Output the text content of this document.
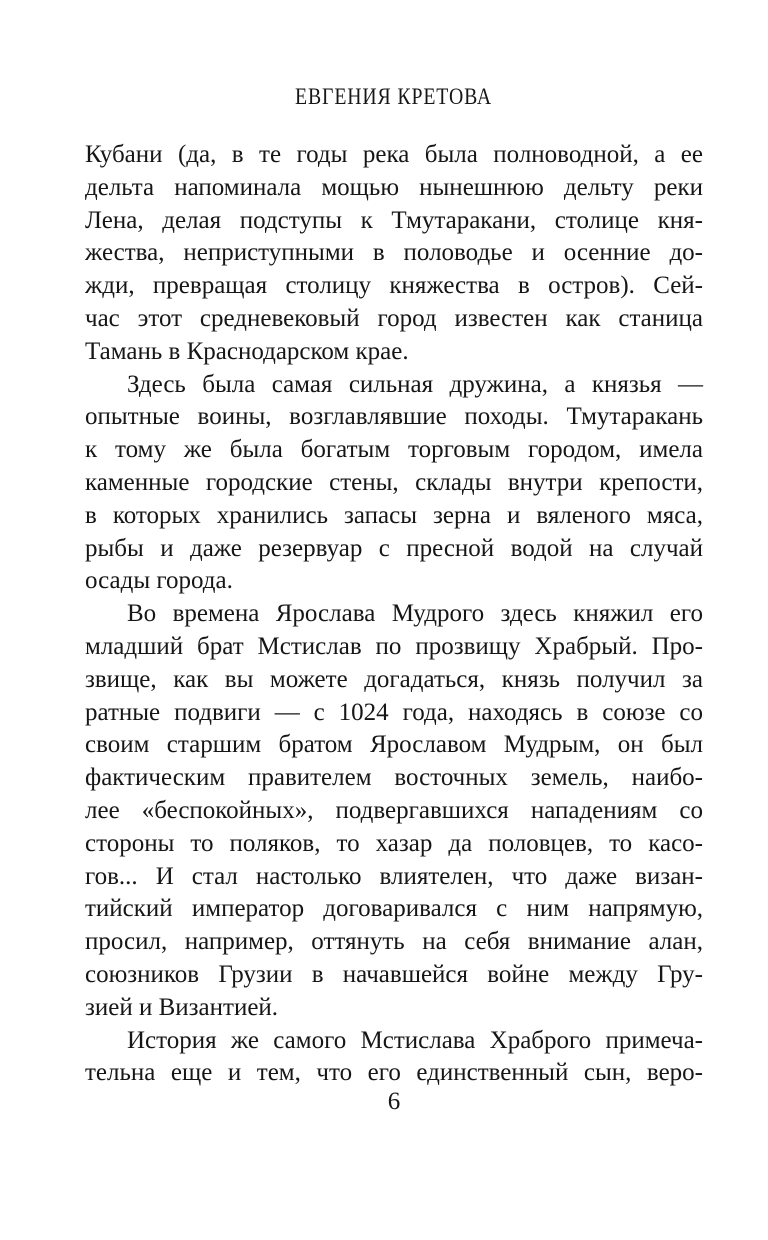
ЕВГЕНИЯ КРЕТОВА
Кубани (да, в те годы река была полноводной, а ее
дельта напоминала мощью нынешнюю дельту реки
Лена, делая подступы к Тмутаракани, столице кня-
жества, неприступными в половодье и осенние до-
жди, превращая столицу княжества в остров). Сей-
час этот средневековый город известен как станица
Тамань в Краснодарском крае.
Здесь была самая сильная дружина, а князья —
опытные воины, возглавлявшие походы. Тмутаракань
к тому же была богатым торговым городом, имела
каменные городские стены, склады внутри крепости,
в которых хранились запасы зерна и вяленого мяса,
рыбы и даже резервуар с пресной водой на случай
осады города.
Во времена Ярослава Мудрого здесь княжил его
младший брат Мстислав по прозвищу Храбрый. Про-
звище, как вы можете догадаться, князь получил за
ратные подвиги — с 1024 года, находясь в союзе со
своим старшим братом Ярославом Мудрым, он был
фактическим правителем восточных земель, наибо-
лее «беспокойных», подвергавшихся нападениям со
стороны то поляков, то хазар да половцев, то касо-
гов... И стал настолько влиятелен, что даже визан-
тийский император договаривался с ним напрямую,
просил, например, оттянуть на себя внимание алан,
союзников Грузии в начавшейся войне между Гру-
зией и Византией.
История же самого Мстислава Храброго примеча-
тельна еще и тем, что его единственный сын, веро-
6
